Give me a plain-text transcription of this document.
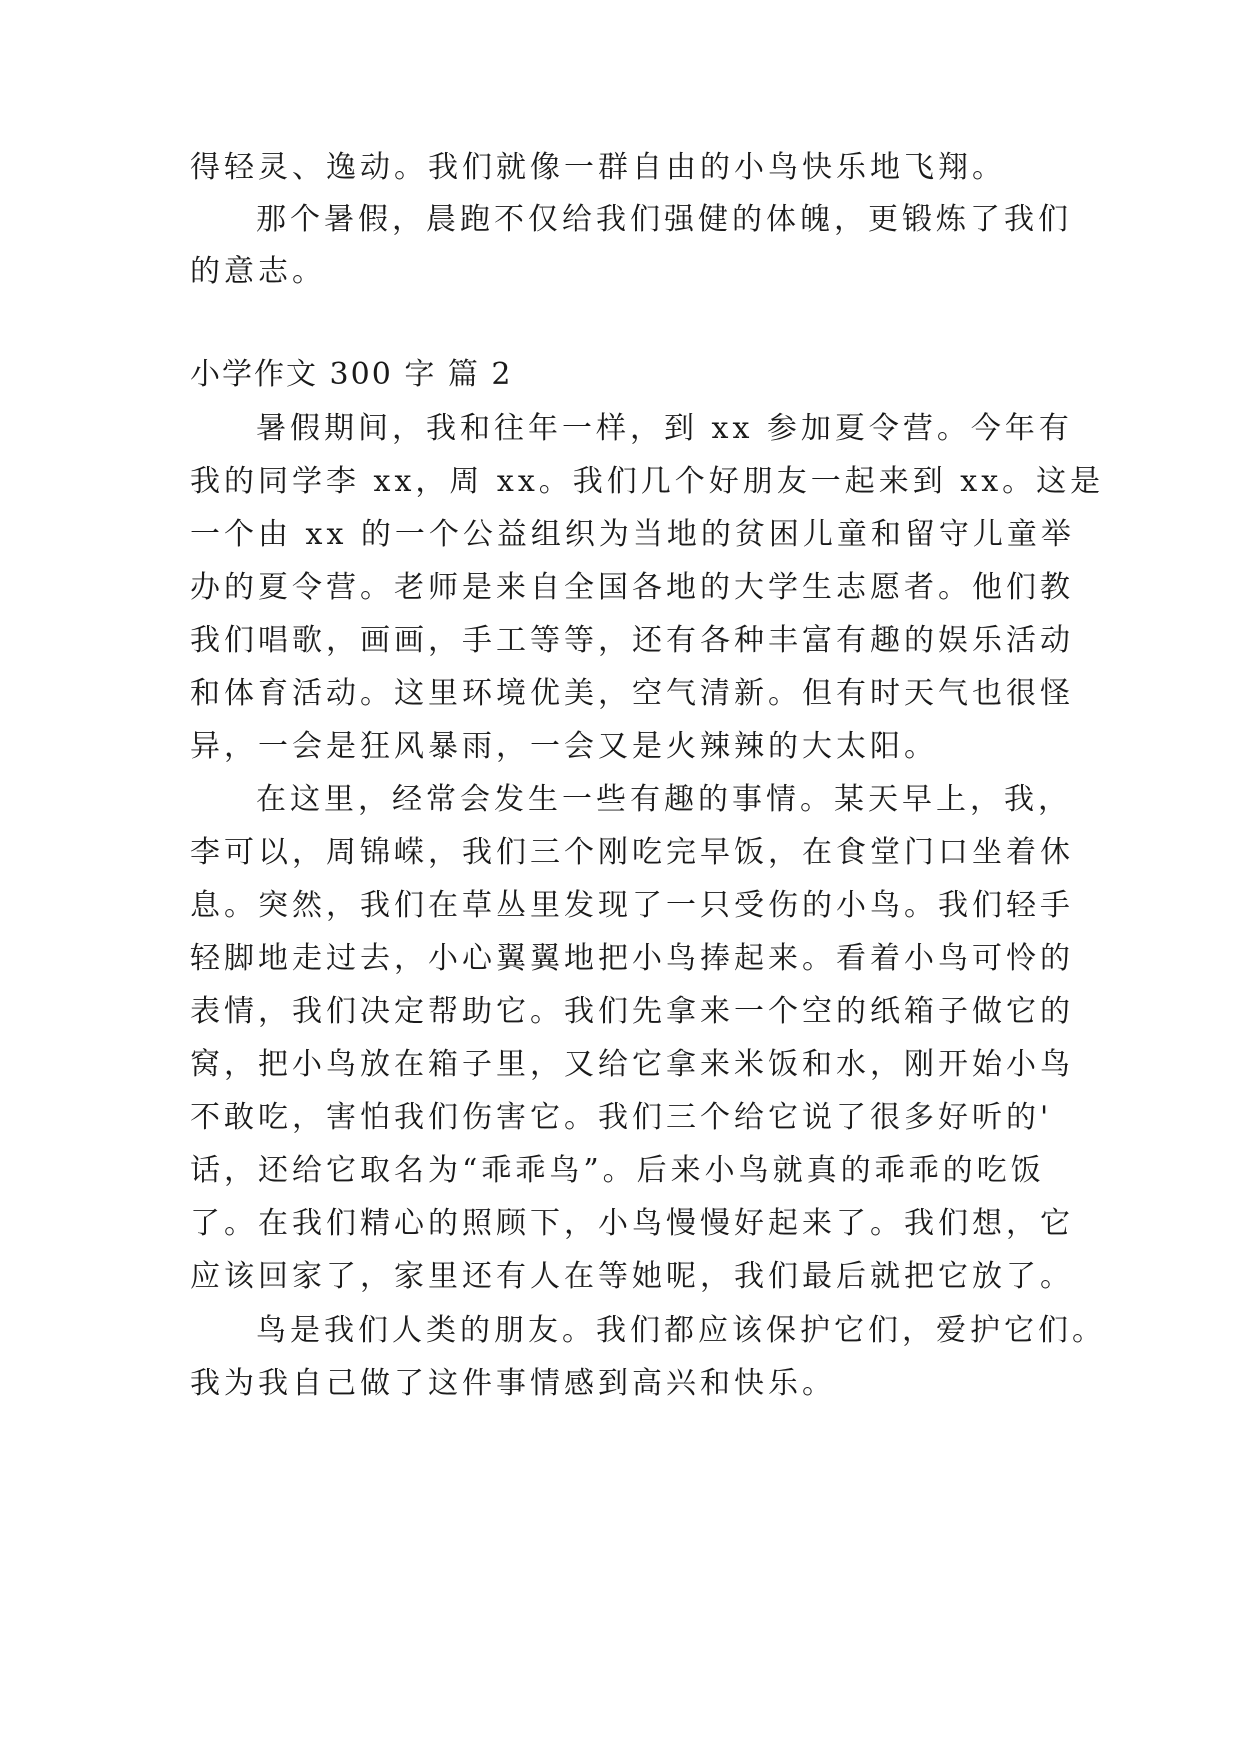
得轻灵、逸动。我们就像一群自由的小鸟快乐地飞翔。
那个暑假，晨跑不仅给我们强健的体魄，更锻炼了我们
的意志。
小学作文 300 字 篇 2
暑假期间，我和往年一样，到 xx 参加夏令营。今年有
我的同学李 xx，周 xx。我们几个好朋友一起来到 xx。这是
一个由 xx 的一个公益组织为当地的贫困儿童和留守儿童举
办的夏令营。老师是来自全国各地的大学生志愿者。他们教
我们唱歌，画画，手工等等，还有各种丰富有趣的娱乐活动
和体育活动。这里环境优美，空气清新。但有时天气也很怪
异，一会是狂风暴雨，一会又是火辣辣的大太阳。
在这里，经常会发生一些有趣的事情。某天早上，我，
李可以，周锦嵘，我们三个刚吃完早饭，在食堂门口坐着休
息。突然，我们在草丛里发现了一只受伤的小鸟。我们轻手
轻脚地走过去，小心翼翼地把小鸟捧起来。看着小鸟可怜的
表情，我们决定帮助它。我们先拿来一个空的纸箱子做它的
窝，把小鸟放在箱子里，又给它拿来米饭和水，刚开始小鸟
不敢吃，害怕我们伤害它。我们三个给它说了很多好听的'
话，还给它取名为“乖乖鸟”。后来小鸟就真的乖乖的吃饭
了。在我们精心的照顾下，小鸟慢慢好起来了。我们想，它
应该回家了，家里还有人在等她呢，我们最后就把它放了。
鸟是我们人类的朋友。我们都应该保护它们，爱护它们。
我为我自己做了这件事情感到高兴和快乐。
